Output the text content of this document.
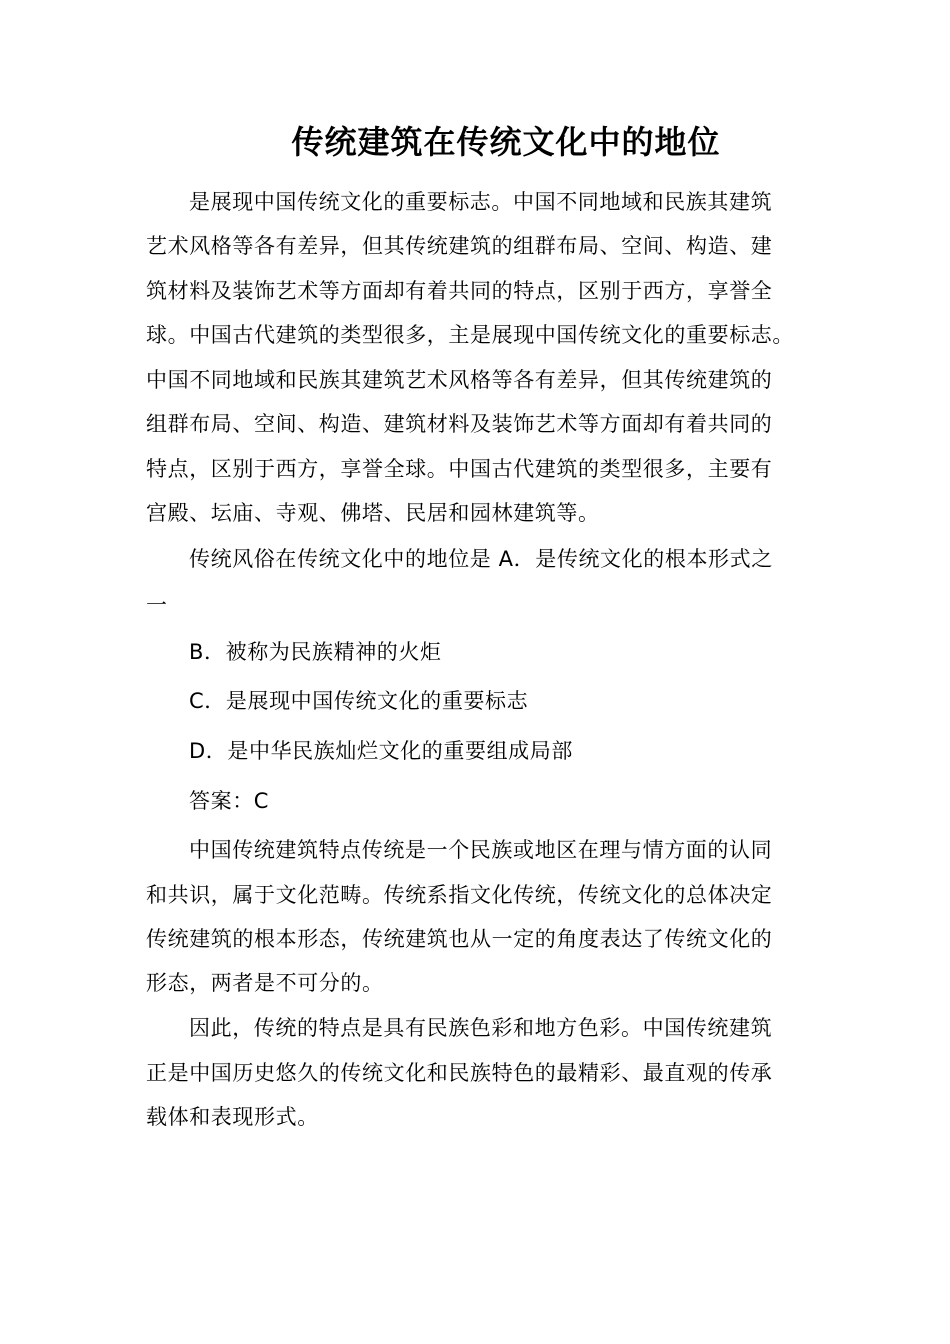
传统建筑在传统文化中的地位

是展现中国传统文化的重要标志。中国不同地域和民族其建筑

艺术风格等各有差异，但其传统建筑的组群布局、空间、构造、建

筑材料及装饰艺术等方面却有着共同的特点，区别于西方，享誉全

球。中国古代建筑的类型很多，主是展现中国传统文化的重要标志。

中国不同地域和民族其建筑艺术风格等各有差异，但其传统建筑的

组群布局、空间、构造、建筑材料及装饰艺术等方面却有着共同的

特点，区别于西方，享誉全球。中国古代建筑的类型很多，主要有

宫殿、坛庙、寺观、佛塔、民居和园林建筑等。

传统风俗在传统文化中的地位是 A．是传统文化的根本形式之

一

B．被称为民族精神的火炬

C．是展现中国传统文化的重要标志

D．是中华民族灿烂文化的重要组成局部

答案：C

中国传统建筑特点传统是一个民族或地区在理与情方面的认同

和共识，属于文化范畴。传统系指文化传统，传统文化的总体决定

传统建筑的根本形态，传统建筑也从一定的角度表达了传统文化的

形态，两者是不可分的。

因此，传统的特点是具有民族色彩和地方色彩。中国传统建筑

正是中国历史悠久的传统文化和民族特色的最精彩、最直观的传承

载体和表现形式。
